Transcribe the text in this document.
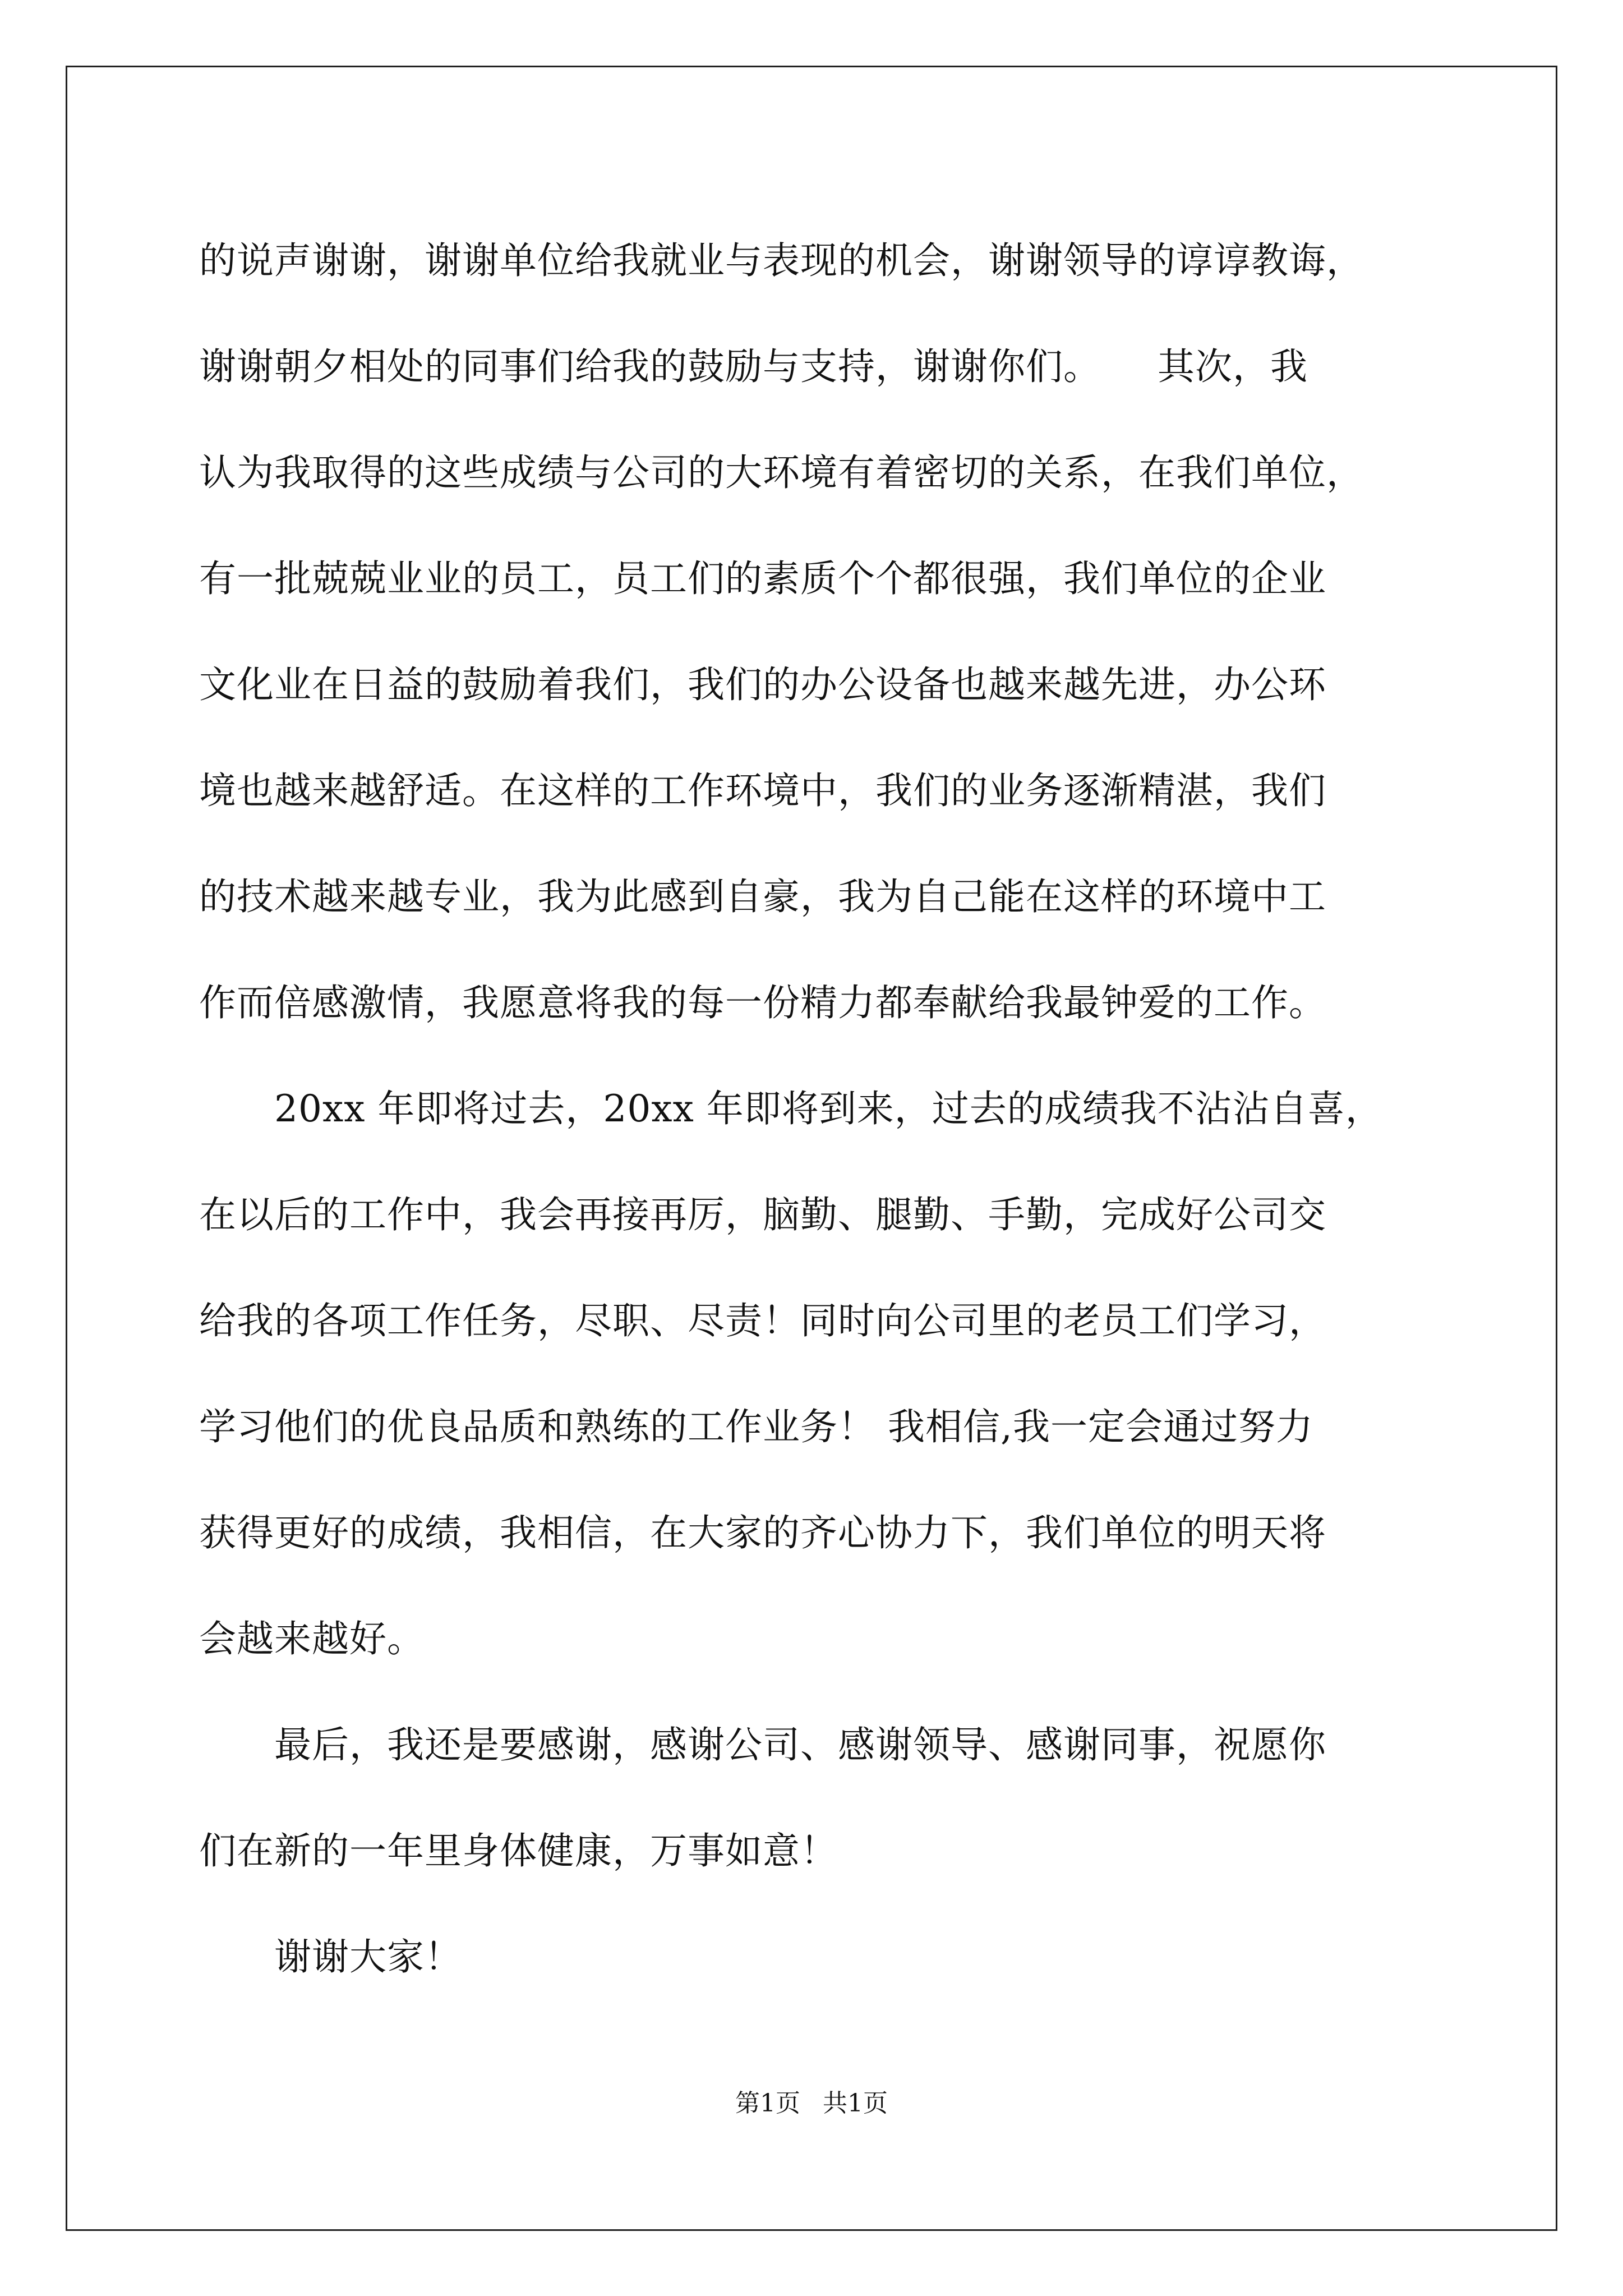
的说声谢谢，谢谢单位给我就业与表现的机会，谢谢领导的谆谆教诲，
谢谢朝夕相处的同事们给我的鼓励与支持，谢谢你们。　　其次，我
认为我取得的这些成绩与公司的大环境有着密切的关系，在我们单位，
有一批兢兢业业的员工，员工们的素质个个都很强，我们单位的企业
文化业在日益的鼓励着我们，我们的办公设备也越来越先进，办公环
境也越来越舒适。在这样的工作环境中，我们的业务逐渐精湛，我们
的技术越来越专业，我为此感到自豪，我为自己能在这样的环境中工
作而倍感激情，我愿意将我的每一份精力都奉献给我最钟爱的工作。
　　20xx 年即将过去，20xx 年即将到来，过去的成绩我不沾沾自喜，
在以后的工作中，我会再接再厉，脑勤、腿勤、手勤，完成好公司交
给我的各项工作任务，尽职、尽责！同时向公司里的老员工们学习，
学习他们的优良品质和熟练的工作业务！ 我相信,我一定会通过努力
获得更好的成绩，我相信，在大家的齐心协力下，我们单位的明天将
会越来越好。
　　最后，我还是要感谢，感谢公司、感谢领导、感谢同事，祝愿你
们在新的一年里身体健康，万事如意！
　　谢谢大家！
第1页 共1页
